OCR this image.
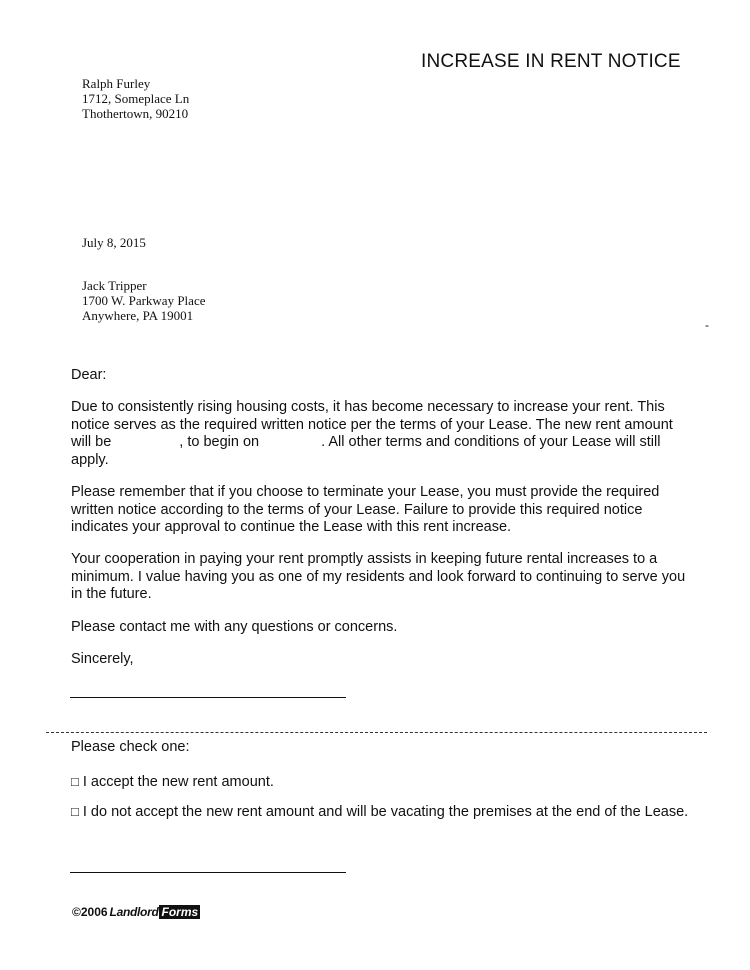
INCREASE IN RENT NOTICE
Ralph Furley
1712, Someplace Ln
Thothertown, 90210
July 8, 2015
Jack Tripper
1700 W. Parkway Place
Anywhere, PA 19001
-
Dear:
Due to consistently rising housing costs, it has become necessary to increase your rent. This notice serves as the required written notice per the terms of your Lease. The new rent amount will be	, to begin on	. All other terms and conditions of your Lease will still apply.
Please remember that if you choose to terminate your Lease, you must provide the required written notice according to the terms of your Lease. Failure to provide this required notice indicates your approval to continue the Lease with this rent increase.
Your cooperation in paying your rent promptly assists in keeping future rental increases to a minimum. I value having you as one of my residents and look forward to continuing to serve you in the future.
Please contact me with any questions or concerns.
Sincerely,
Please check one:
□ I accept the new rent amount.
□ I do not accept the new rent amount and will be vacating the premises at the end of the Lease.
©2006 Landlord Forms
